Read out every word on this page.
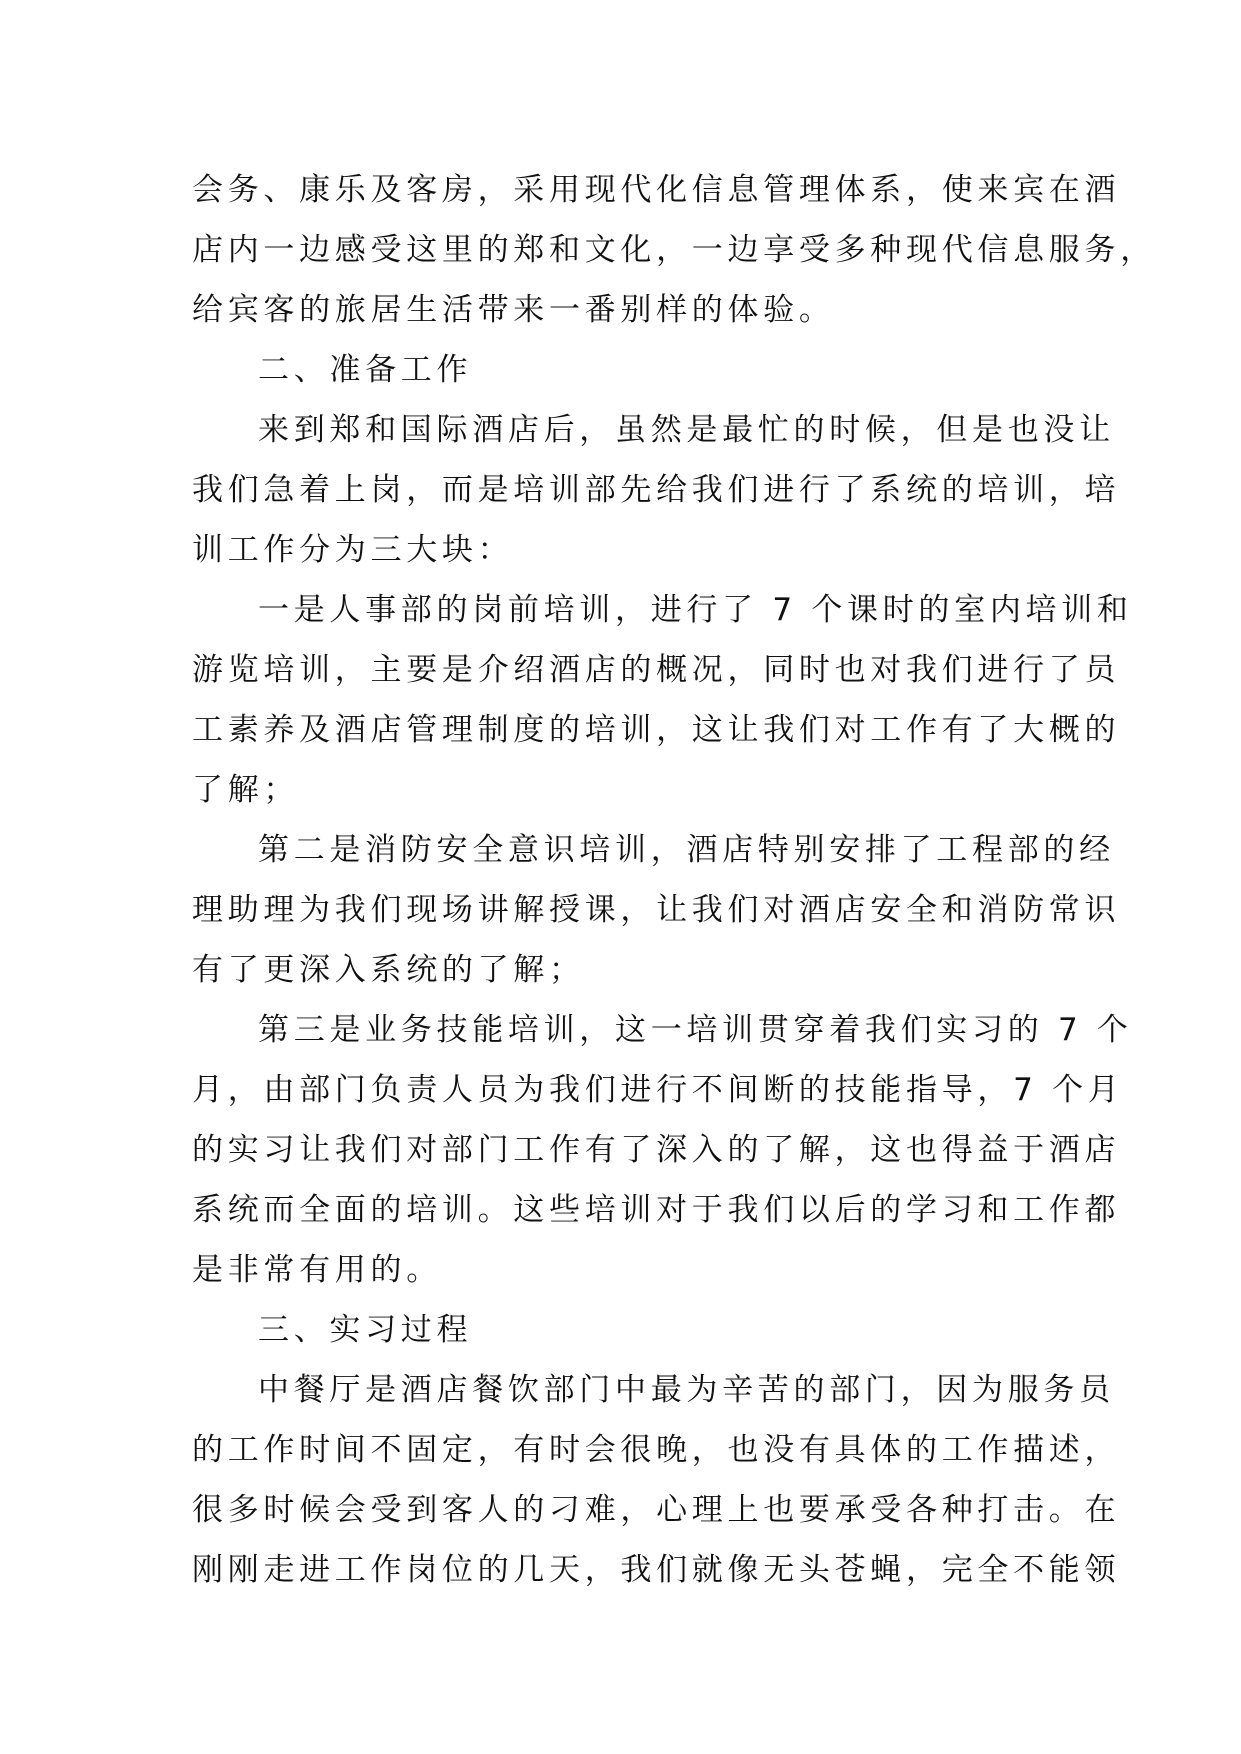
会务、康乐及客房，采用现代化信息管理体系，使来宾在酒
店内一边感受这里的郑和文化，一边享受多种现代信息服务，
给宾客的旅居生活带来一番别样的体验。
二、准备工作
来到郑和国际酒店后，虽然是最忙的时候，但是也没让
我们急着上岗，而是培训部先给我们进行了系统的培训，培
训工作分为三大块：
一是人事部的岗前培训，进行了 7 个课时的室内培训和
游览培训，主要是介绍酒店的概况，同时也对我们进行了员
工素养及酒店管理制度的培训，这让我们对工作有了大概的
了解；
第二是消防安全意识培训，酒店特别安排了工程部的经
理助理为我们现场讲解授课，让我们对酒店安全和消防常识
有了更深入系统的了解；
第三是业务技能培训，这一培训贯穿着我们实习的 7 个
月，由部门负责人员为我们进行不间断的技能指导，7 个月
的实习让我们对部门工作有了深入的了解，这也得益于酒店
系统而全面的培训。这些培训对于我们以后的学习和工作都
是非常有用的。
三、实习过程
中餐厅是酒店餐饮部门中最为辛苦的部门，因为服务员
的工作时间不固定，有时会很晚，也没有具体的工作描述，
很多时候会受到客人的刁难，心理上也要承受各种打击。在
刚刚走进工作岗位的几天，我们就像无头苍蝇，完全不能领
